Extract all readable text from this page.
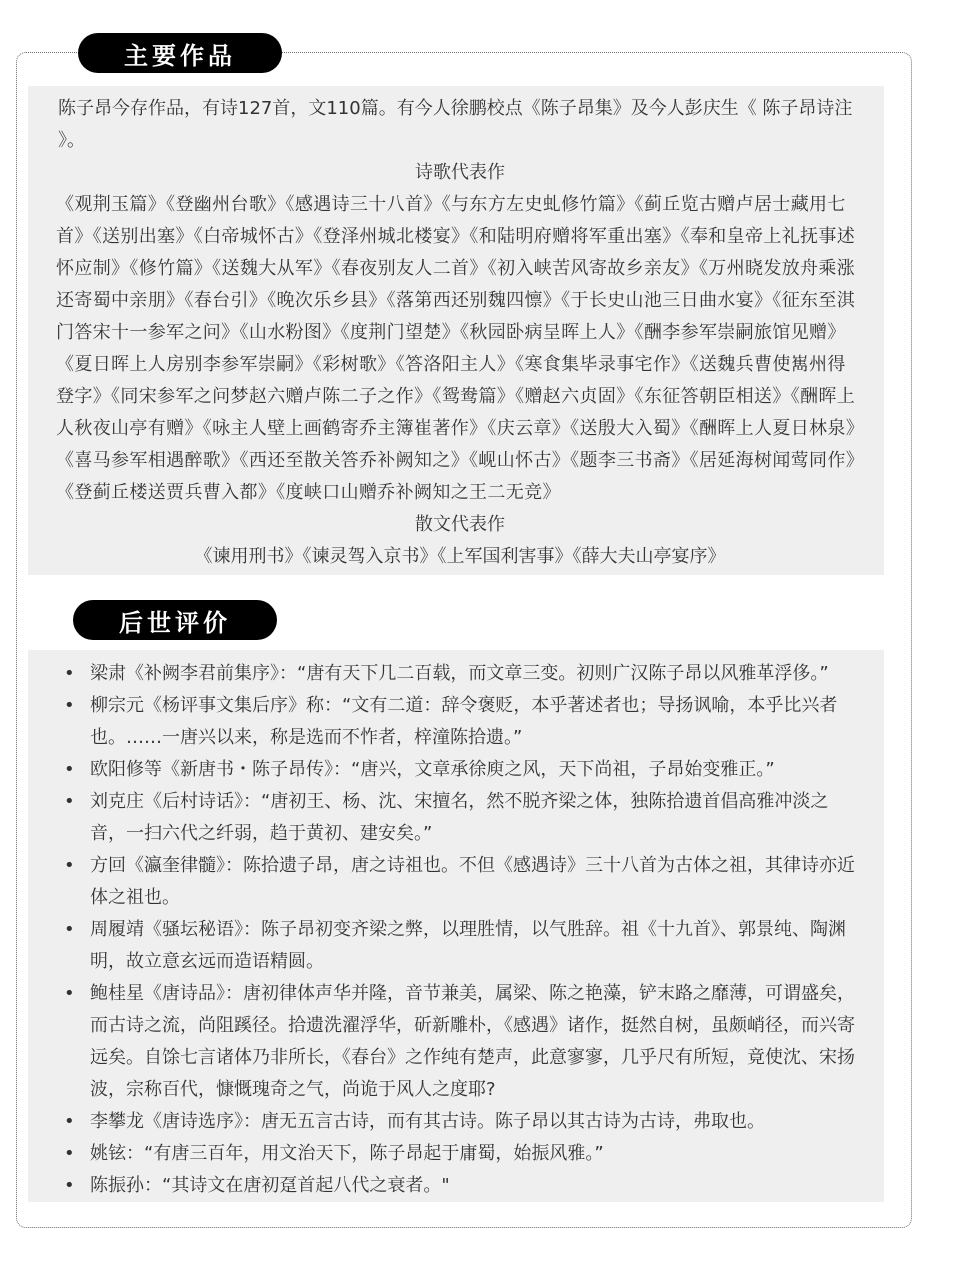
主要作品

陈子昂今存作品，有诗127首，文110篇。有今人徐鹏校点《陈子昂集》及今人彭庆生《 陈子昂诗注 》。

诗歌代表作

《观荆玉篇》《登幽州台歌》《感遇诗三十八首》《与东方左史虬修竹篇》《蓟丘览古赠卢居士藏用七首》《送别出塞》《白帝城怀古》《登泽州城北楼宴》《和陆明府赠将军重出塞》《奉和皇帝上礼抚事述怀应制》《修竹篇》《送魏大从军》《春夜别友人二首》《初入峡苦风寄故乡亲友》《万州晓发放舟乘涨还寄蜀中亲朋》《春台引》《晚次乐乡县》《落第西还别魏四懔》《于长史山池三日曲水宴》《征东至淇门答宋十一参军之问》《山水粉图》《度荆门望楚》《秋园卧病呈晖上人》《酬李参军崇嗣旅馆见赠》《夏日晖上人房别李参军崇嗣》《彩树歌》《答洛阳主人》《寒食集毕录事宅作》《送魏兵曹使嶲州得登字》《同宋参军之问梦赵六赠卢陈二子之作》《鸳鸯篇》《赠赵六贞固》《东征答朝臣相送》《酬晖上人秋夜山亭有赠》《咏主人壁上画鹤寄乔主簿崔著作》《庆云章》《送殷大入蜀》《酬晖上人夏日林泉》《喜马参军相遇醉歌》《西还至散关答乔补阙知之》《岘山怀古》《题李三书斋》《居延海树闻莺同作》《登蓟丘楼送贾兵曹入都》《度峡口山赠乔补阙知之王二无竞》

散文代表作

《谏用刑书》《谏灵驾入京书》《上军国利害事》《薛大夫山亭宴序》

后世评价
• 梁肃《补阙李君前集序》：“唐有天下几二百载，而文章三变。初则广汉陈子昂以风雅革浮侈。”
• 柳宗元《杨评事文集后序》称：“文有二道：辞令褒贬，本乎著述者也；导扬讽喻，本乎比兴者也。……一唐兴以来，称是选而不怍者，梓潼陈拾遗。”
• 欧阳修等《新唐书・陈子昂传》：“唐兴，文章承徐庾之风，天下尚祖，子昂始变雅正。”
• 刘克庄《后村诗话》：“唐初王、杨、沈、宋擅名，然不脱齐梁之体，独陈拾遗首倡高雅冲淡之音，一扫六代之纤弱，趋于黄初、建安矣。”
• 方回《瀛奎律髓》：陈拾遗子昂，唐之诗祖也。不但《感遇诗》三十八首为古体之祖，其律诗亦近体之祖也。
• 周履靖《骚坛秘语》：陈子昂初变齐梁之弊，以理胜情，以气胜辞。祖《十九首》、郭景纯、陶渊明，故立意玄远而造语精圆。
• 鲍桂星《唐诗品》：唐初律体声华并隆，音节兼美，属梁、陈之艳藻，铲末路之靡薄，可谓盛矣，而古诗之流，尚阻蹊径。拾遗洗濯浮华，斫新雕朴，《感遇》诸作，挺然自树，虽颇峭径，而兴寄远矣。自馀七言诸体乃非所长，《春台》之作纯有楚声，此意寥寥，几乎尺有所短，竟使沈、宋扬波，宗称百代，慷慨瑰奇之气，尚诡于风人之度耶?
• 李攀龙《唐诗选序》：唐无五言古诗，而有其古诗。陈子昂以其古诗为古诗，弗取也。
• 姚铉：“有唐三百年，用文治天下，陈子昂起于庸蜀，始振风雅。”
• 陈振孙：“其诗文在唐初趸首起八代之衰者。"
